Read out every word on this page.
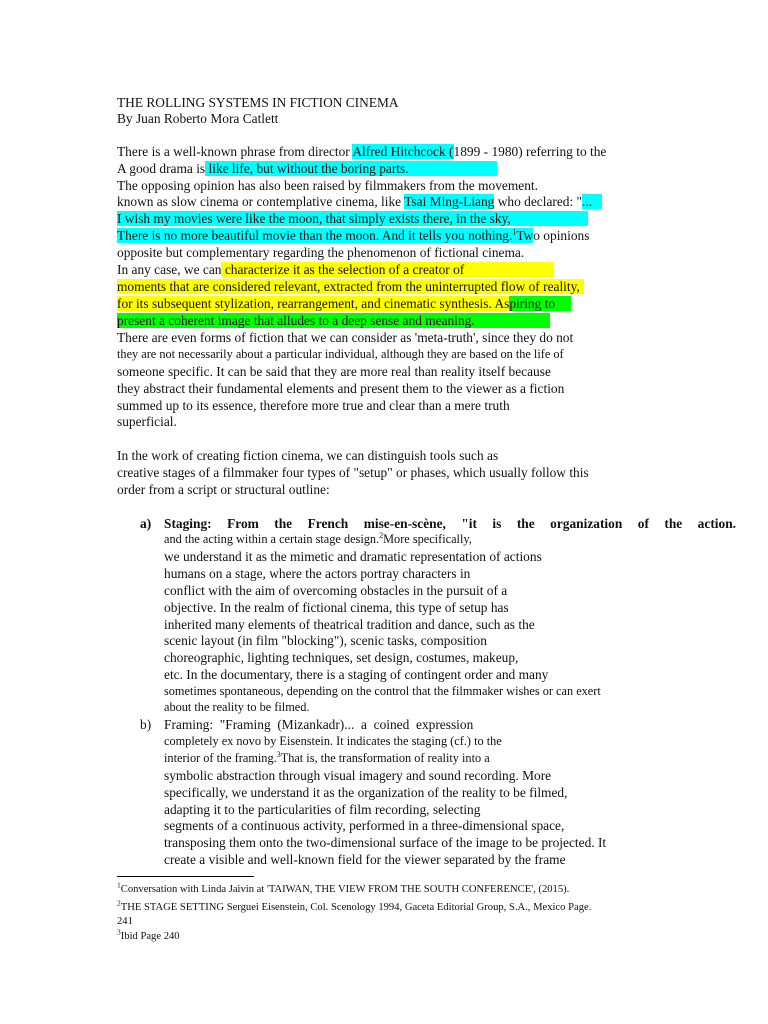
THE ROLLING SYSTEMS IN FICTION CINEMA
By Juan Roberto Mora Catlett
There is a well-known phrase from director Alfred Hitchcock (1899 - 1980) referring to the
A good drama is like life, but without the boring parts.
The opposing opinion has also been raised by filmmakers from the movement.
known as slow cinema or contemplative cinema, like Tsai Ming-Liang who declared: "...
I wish my movies were like the moon, that simply exists there, in the sky,
There is no more beautiful movie than the moon. And it tells you nothing.$^1$Two opinions
opposite but complementary regarding the phenomenon of fictional cinema.
In any case, we can characterize it as the selection of a creator of
moments that are considered relevant, extracted from the uninterrupted flow of reality,
for its subsequent stylization, rearrangement, and cinematic synthesis. Aspiring to
present a coherent image that alludes to a deep sense and meaning.
There are even forms of fiction that we can consider as 'meta-truth', since they do not
they are not necessarily about a particular individual, although they are based on the life of
someone specific. It can be said that they are more real than reality itself because
they abstract their fundamental elements and present them to the viewer as a fiction
summed up to its essence, therefore more true and clear than a mere truth
superficial.
In the work of creating fiction cinema, we can distinguish tools such as
creative stages of a filmmaker four types of "setup" or phases, which usually follow this
order from a script or structural outline:
a) Staging: From the French mise-en-scène, "it is the organization of the action.
and the acting within a certain stage design.$^2$More specifically,
we understand it as the mimetic and dramatic representation of actions
humans on a stage, where the actors portray characters in
conflict with the aim of overcoming obstacles in the pursuit of a
objective. In the realm of fictional cinema, this type of setup has
inherited many elements of theatrical tradition and dance, such as the
scenic layout (in film "blocking"), scenic tasks, composition
choreographic, lighting techniques, set design, costumes, makeup,
etc. In the documentary, there is a staging of contingent order and many
sometimes spontaneous, depending on the control that the filmmaker wishes or can exert
about the reality to be filmed.
b) Framing:  "Framing  (Mizankadr)...  a  coined  expression
completely ex novo by Eisenstein. It indicates the staging (cf.) to the
interior of the framing.$^3$That is, the transformation of reality into a
symbolic abstraction through visual imagery and sound recording. More
specifically, we understand it as the organization of the reality to be filmed,
adapting it to the particularities of film recording, selecting
segments of a continuous activity, performed in a three-dimensional space,
transposing them onto the two-dimensional surface of the image to be projected. It
create a visible and well-known field for the viewer separated by the frame
$^1$Conversation with Linda Jaivin at 'TAIWAN, THE VIEW FROM THE SOUTH CONFERENCE', (2015).
$^2$THE STAGE SETTING Serguei Eisenstein, Col. Scenology 1994, Gaceta Editorial Group, S.A., Mexico Page.
241
$^3$Ibid Page 240
